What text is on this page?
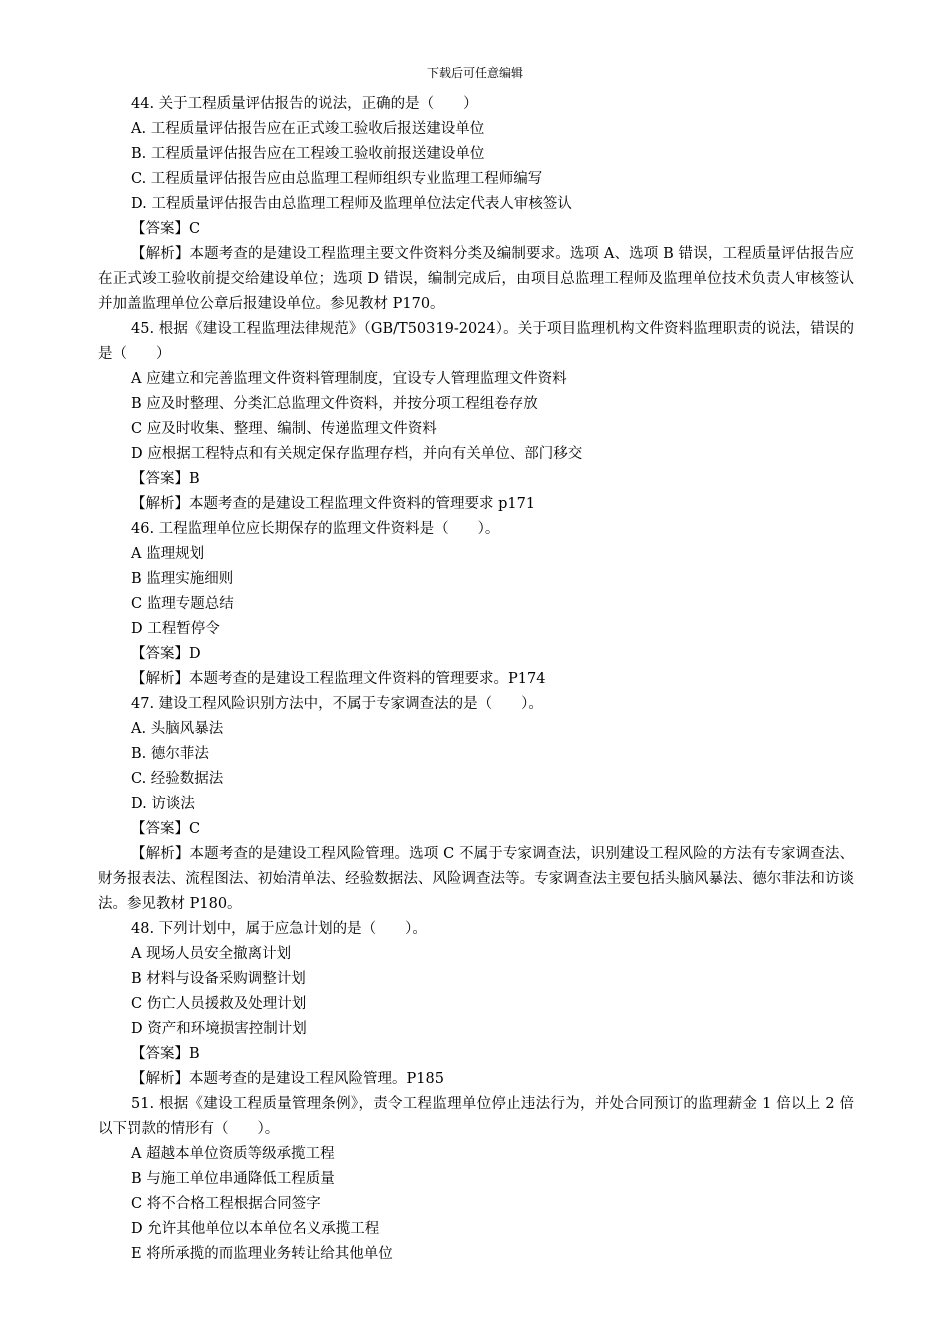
下载后可任意编辑
44. 关于工程质量评估报告的说法，正确的是（　　）
A. 工程质量评估报告应在正式竣工验收后报送建设单位
B. 工程质量评估报告应在工程竣工验收前报送建设单位
C. 工程质量评估报告应由总监理工程师组织专业监理工程师编写
D. 工程质量评估报告由总监理工程师及监理单位法定代表人审核签认
【答案】C
【解析】本题考查的是建设工程监理主要文件资料分类及编制要求。选项 A、选项 B 错误，工程质量评估报告应在正式竣工验收前提交给建设单位；选项 D 错误，编制完成后，由项目总监理工程师及监理单位技术负责人审核签认并加盖监理单位公章后报建设单位。参见教材 P170。
45. 根据《建设工程监理法律规范》（GB/T50319-2024）。关于项目监理机构文件资料监理职责的说法，错误的是（　　）
A 应建立和完善监理文件资料管理制度，宜设专人管理监理文件资料
B 应及时整理、分类汇总监理文件资料，并按分项工程组卷存放
C 应及时收集、整理、编制、传递监理文件资料
D 应根据工程特点和有关规定保存监理存档，并向有关单位、部门移交
【答案】B
【解析】本题考查的是建设工程监理文件资料的管理要求 p171
46. 工程监理单位应长期保存的监理文件资料是（　　）。
A 监理规划
B 监理实施细则
C 监理专题总结
D 工程暂停令
【答案】D
【解析】本题考查的是建设工程监理文件资料的管理要求。P174
47. 建设工程风险识别方法中，不属于专家调查法的是（　　）。
A. 头脑风暴法
B. 德尔菲法
C. 经验数据法
D. 访谈法
【答案】C
【解析】本题考查的是建设工程风险管理。选项 C 不属于专家调查法，识别建设工程风险的方法有专家调查法、财务报表法、流程图法、初始清单法、经验数据法、风险调查法等。专家调查法主要包括头脑风暴法、德尔菲法和访谈法。参见教材 P180。
48. 下列计划中，属于应急计划的是（　　）。
A 现场人员安全撤离计划
B 材料与设备采购调整计划
C 伤亡人员援救及处理计划
D 资产和环境损害控制计划
【答案】B
【解析】本题考查的是建设工程风险管理。P185
51. 根据《建设工程质量管理条例》，责令工程监理单位停止违法行为，并处合同预订的监理薪金 1 倍以上 2 倍以下罚款的情形有（　　）。
A 超越本单位资质等级承揽工程
B 与施工单位串通降低工程质量
C 将不合格工程根据合同签字
D 允许其他单位以本单位名义承揽工程
E 将所承揽的而监理业务转让给其他单位
